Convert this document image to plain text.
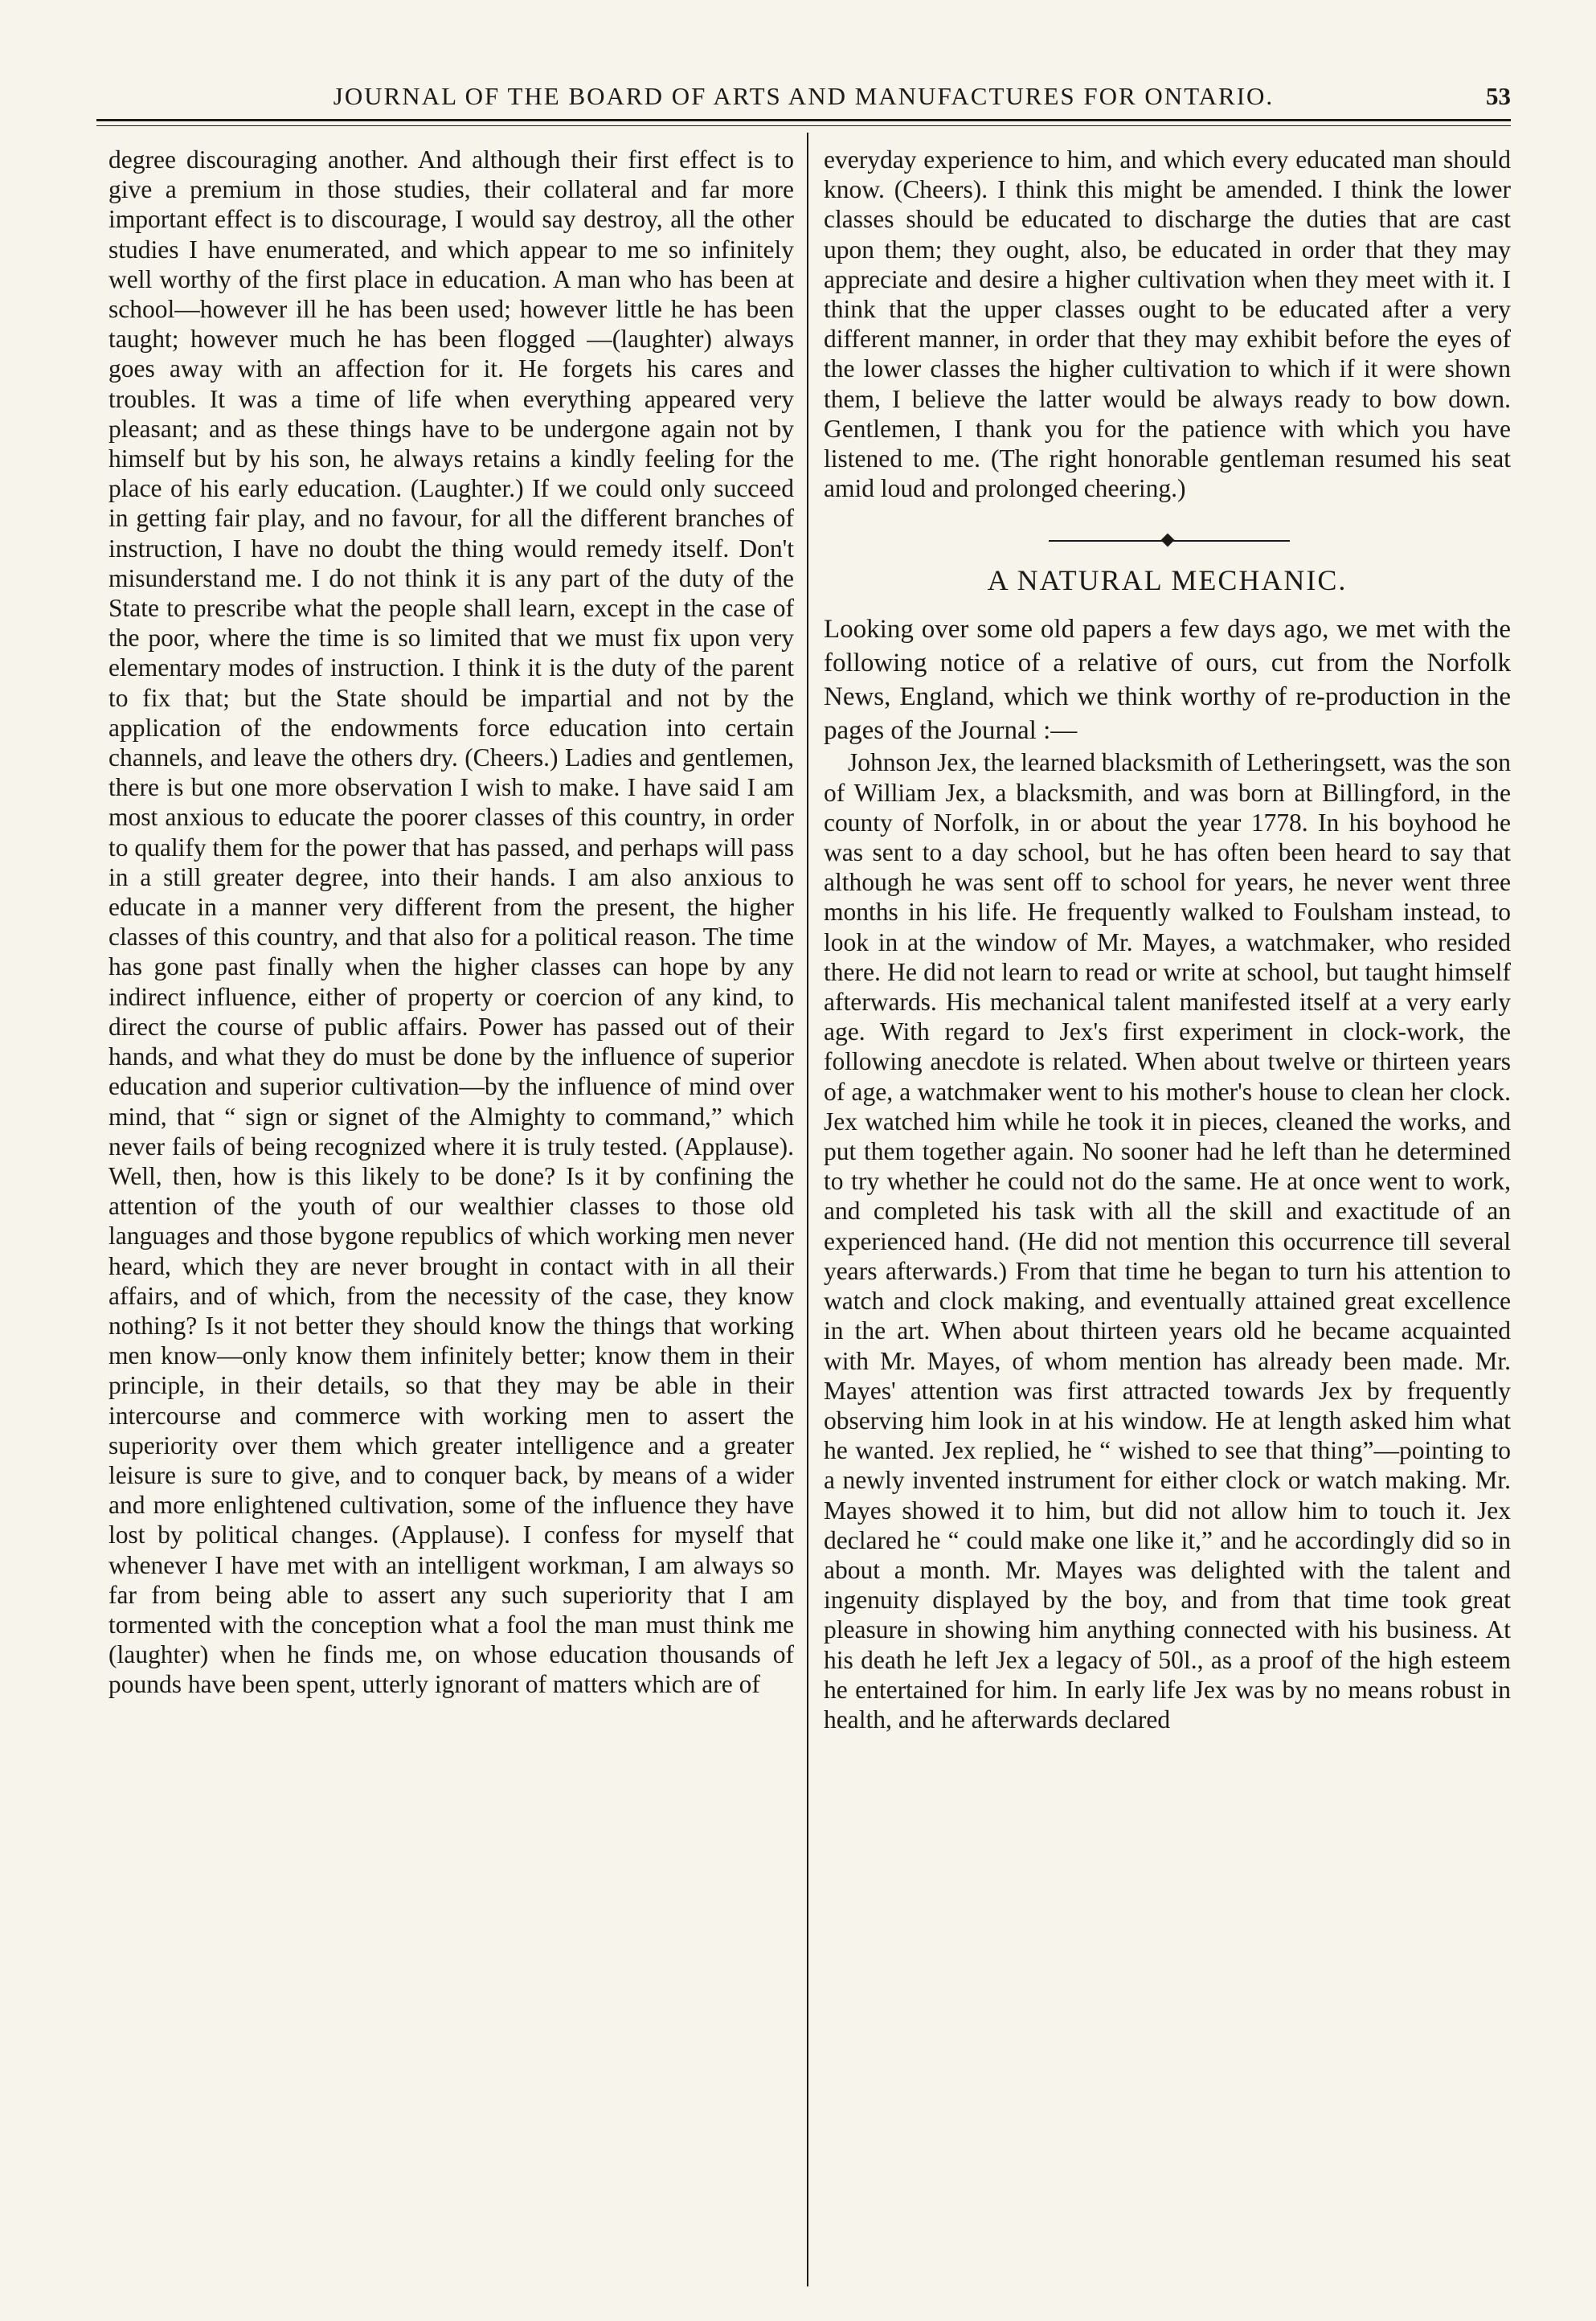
JOURNAL OF THE BOARD OF ARTS AND MANUFACTURES FOR ONTARIO.	53

degree discouraging another. And although their first effect is to give a premium in those studies, their collateral and far more important effect is to discourage, I would say destroy, all the other studies I have enumerated, and which appear to me so infinitely well worthy of the first place in education. A man who has been at school—however ill he has been used; however little he has been taught; however much he has been flogged —(laughter) always goes away with an affection for it. He forgets his cares and troubles. It was a time of life when everything appeared very pleasant; and as these things have to be undergone again not by himself but by his son, he always retains a kindly feeling for the place of his early education. (Laughter.) If we could only succeed in getting fair play, and no favour, for all the different branches of instruction, I have no doubt the thing would remedy itself. Don't misunderstand me. I do not think it is any part of the duty of the State to prescribe what the people shall learn, except in the case of the poor, where the time is so limited that we must fix upon very elementary modes of instruction. I think it is the duty of the parent to fix that; but the State should be impartial and not by the application of the endowments force education into certain channels, and leave the others dry. (Cheers.) Ladies and gentlemen, there is but one more observation I wish to make. I have said I am most anxious to educate the poorer classes of this country, in order to qualify them for the power that has passed, and perhaps will pass in a still greater degree, into their hands. I am also anxious to educate in a manner very different from the present, the higher classes of this country, and that also for a political reason. The time has gone past finally when the higher classes can hope by any indirect influence, either of property or coercion of any kind, to direct the course of public affairs. Power has passed out of their hands, and what they do must be done by the influence of superior education and superior cultivation—by the influence of mind over mind, that “ sign or signet of the Almighty to command,” which never fails of being recognized where it is truly tested. (Applause). Well, then, how is this likely to be done? Is it by confining the attention of the youth of our wealthier classes to those old languages and those bygone republics of which working men never heard, which they are never brought in contact with in all their affairs, and of which, from the necessity of the case, they know nothing? Is it not better they should know the things that working men know—only know them infinitely better; know them in their principle, in their details, so that they may be able in their intercourse and commerce with working men to assert the superiority over them which greater intelligence and a greater leisure is sure to give, and to conquer back, by means of a wider and more enlightened cultivation, some of the influence they have lost by political changes. (Applause). I confess for myself that whenever I have met with an intelligent workman, I am always so far from being able to assert any such superiority that I am tormented with the conception what a fool the man must think me (laughter) when he finds me, on whose education thousands of pounds have been spent, utterly ignorant of matters which are of

everyday experience to him, and which every educated man should know. (Cheers). I think this might be amended. I think the lower classes should be educated to discharge the duties that are cast upon them; they ought, also, be educated in order that they may appreciate and desire a higher cultivation when they meet with it. I think that the upper classes ought to be educated after a very different manner, in order that they may exhibit before the eyes of the lower classes the higher cultivation to which if it were shown them, I believe the latter would be always ready to bow down. Gentlemen, I thank you for the patience with which you have listened to me. (The right honorable gentleman resumed his seat amid loud and prolonged cheering.)

A NATURAL MECHANIC.

Looking over some old papers a few days ago, we met with the following notice of a relative of ours, cut from the Norfolk News, England, which we think worthy of re-production in the pages of the Journal :—

Johnson Jex, the learned blacksmith of Letheringsett, was the son of William Jex, a blacksmith, and was born at Billingford, in the county of Norfolk, in or about the year 1778. In his boyhood he was sent to a day school, but he has often been heard to say that although he was sent off to school for years, he never went three months in his life. He frequently walked to Foulsham instead, to look in at the window of Mr. Mayes, a watchmaker, who resided there. He did not learn to read or write at school, but taught himself afterwards. His mechanical talent manifested itself at a very early age. With regard to Jex's first experiment in clock-work, the following anecdote is related. When about twelve or thirteen years of age, a watchmaker went to his mother's house to clean her clock. Jex watched him while he took it in pieces, cleaned the works, and put them together again. No sooner had he left than he determined to try whether he could not do the same. He at once went to work, and completed his task with all the skill and exactitude of an experienced hand. (He did not mention this occurrence till several years afterwards.) From that time he began to turn his attention to watch and clock making, and eventually attained great excellence in the art. When about thirteen years old he became acquainted with Mr. Mayes, of whom mention has already been made. Mr. Mayes' attention was first attracted towards Jex by frequently observing him look in at his window. He at length asked him what he wanted. Jex replied, he “ wished to see that thing”—pointing to a newly invented instrument for either clock or watch making. Mr. Mayes showed it to him, but did not allow him to touch it. Jex declared he “ could make one like it,” and he accordingly did so in about a month. Mr. Mayes was delighted with the talent and ingenuity displayed by the boy, and from that time took great pleasure in showing him anything connected with his business. At his death he left Jex a legacy of 50l., as a proof of the high esteem he entertained for him. In early life Jex was by no means robust in health, and he afterwards declared
